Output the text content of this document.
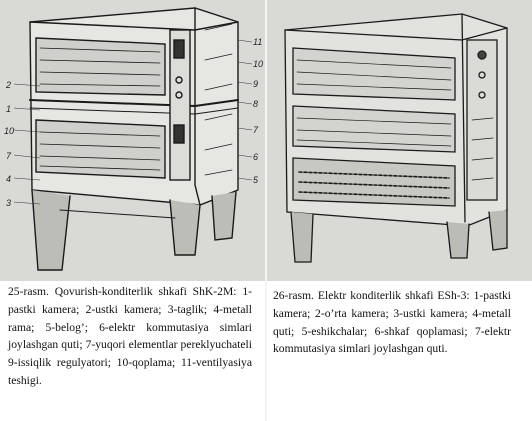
2
1
10
7
4
3
11
10
9
8
7
6
5
25-rasm. Qovurish-konditerlik shkafi ShK-2M: 1-pastki kamera; 2-ustki kamera; 3-taglik; 4-metall rama; 5-belog’; 6-elektr kommutasiya simlari joylashgan quti; 7-yuqori elementlar pereklyuchateli 9-issiqlik regulyatori; 10-qoplama; 11-ventilyasiya teshigi.
26-rasm. Elektr konditerlik shkafi ESh-3: 1-pastki kamera; 2-o’rta kamera; 3-ustki kamera; 4-metall quti; 5-eshikchalar; 6-shkaf qoplamasi; 7-elektr kommutasiya simlari joylashgan quti.
